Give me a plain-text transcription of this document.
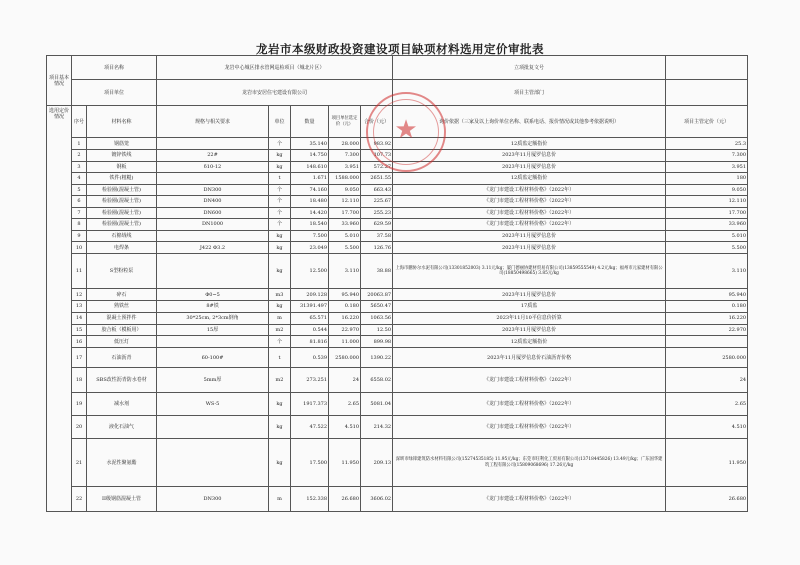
龙岩市本级财政投资建设项目缺项材料选用定价审批表
项目基本情况	项目名称		龙岩中心城区排水管网巡检项目（城北片区）					立项批复文号	
	项目单位		龙岩市安居住宅建设有限公司					项目主管部门	
选用定价情况	序号	材料名称	规格与相关要求	单位	数量	项目单位选定价（元）	合价（元）	询价依据（三家及以上询价单位名称、联系电话、报价情况或其他参考依据说明）	项目主管定价（元）
	1	钢筋笼		个	35.140	28.000	983.92	12质监定额指价	25.3
	2	镀锌铁线	22#	kg	14.750	7.300	107.73	2023年11月厦罗信息价	7.300
	3	钢板	δ10-12	kg	148.610	3.951	572.27	2023年11月厦罗信息价	3.951
	4	铁件(粗糙)		t	1.671	1588.000	2651.55	12质监定额指价	180
	5	检验圈(混凝土管)	DN300	个	74.160	9.050	663.43	《龙门市建设工程材料价格》（2022年）	9.050
	6	检验圈(混凝土管)	DN400	个	18.480	12.110	225.67	《龙门市建设工程材料价格》（2022年）	12.110
	7	检验圈(混凝土管)	DN600	个	14.420	17.700	255.23	《龙门市建设工程材料价格》（2022年）	17.700
	8	检验圈(混凝土管)	DN1000	个	18.540	33.960	629.59	《龙门市建设工程材料价格》（2022年）	33.960
	9	石棉绒线		kg	7.500	5.010	37.58	2023年11月厦罗信息价	5.010
	10	电焊条	J422 Φ3.2	kg	23.049	5.500	126.76	2023年11月厦罗信息价	5.500
	11	S型粉粒泵		kg	12.500	3.110	38.88	上海市鹏协尔水泥有限公司(13301852003) 3.11元/kg；厦门德丽协建材贸易有限公司(13859555549) 4.2元/kg；福州市元家建材有限公司(18850498665) 3.85元/kg	3.110
	12	碎石	Φ0~5	m3	209.128	95.940	20063.87	2023年11月厦罗信息价	95.940
	13	熟铁丝	8#铁	kg	31391.497	0.180	5650.47	17质监	0.180
	14	混凝土预拌件	30*25cm, 2*3cm倒角	m	65.571	16.220	1063.56	2023年11月10平信息价折算	16.220
	15	胶合板（模板用）	15厚	m2	0.544	22.970	12.50	2023年11月厦罗信息价	22.970
	16	低压灯		个	81.816	11.000	899.98	12质监定额指价	
	17	石油沥青	60-100#	t	0.539	2580.000	1390.22	2023年11月厦罗信息价石油沥青价格	2580.000
	18	SBS改性沥青防水卷材	5mm厚	m2	273.251	24	6558.02	《龙门市建设工程材料价格》（2022年）	24
	19	减水剂	WS-5	kg	1917.373	2.65	5081.04	《龙门市建设工程材料价格》（2022年）	2.65
	20	液化石油气		kg	47.522	4.510	214.32	《龙门市建设工程材料价格》（2022年）	4.510
	21	水泥性聚氨酯		kg	17.500	11.950	209.13	深圳市绿锋建筑防水材料有限公司(15274535185) 11.95元/kg；东莞市旺利化工贸易有限公司(13718445826) 13.49元/kg；广东国华建筑工程有限公司(15809068696) 17.26元/kg	11.950
	22	II级钢筋混凝土管	DN300	m	152.338	26.680	3606.02	《龙门市建设工程材料价格》（2022年）	26.680
★
